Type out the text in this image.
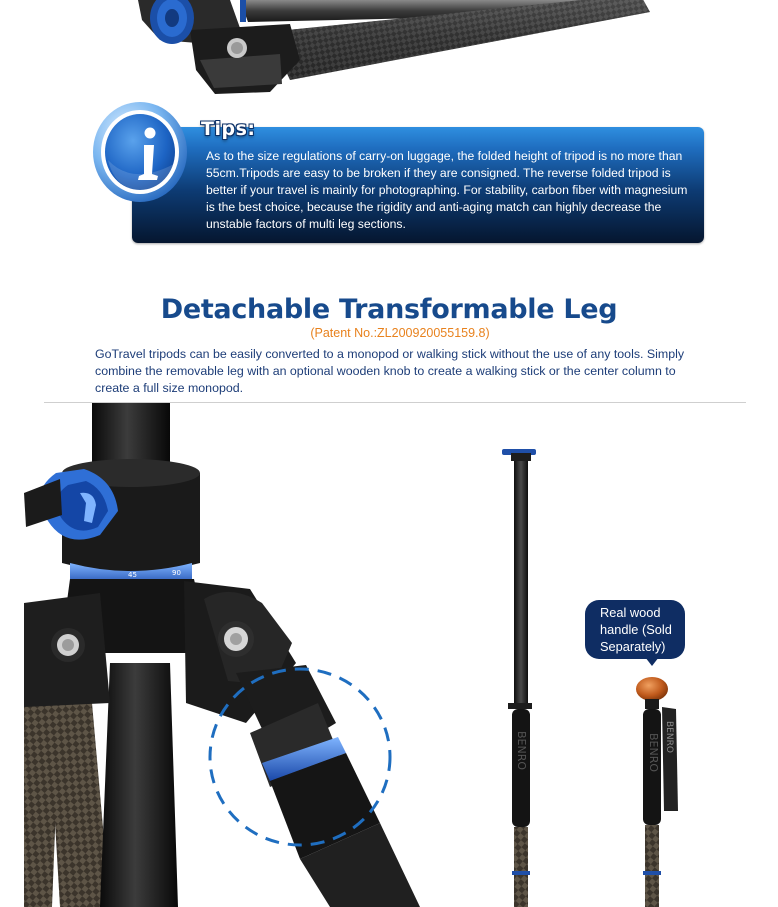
Tips:
As to the size regulations of carry-on luggage, the folded height of tripod is no more than 55cm.Tripods are easy to be broken if they are consigned. The reverse folded tripod is better if your travel is mainly for photographing. For stability, carbon fiber with magnesium is the best choice, because the rigidity and anti-aging match can highly decrease the unstable factors of multi leg sections.
Detachable Transformable Leg
(Patent No.:ZL200920055159.8)
GoTravel tripods can be easily converted to a monopod or walking stick without the use of any tools. Simply combine the removable leg with an optional wooden knob to create a walking stick or the center column to create a full size monopod.
45	90
BENRO	BENRO BENRO
Real wood handle (Sold Separately)
